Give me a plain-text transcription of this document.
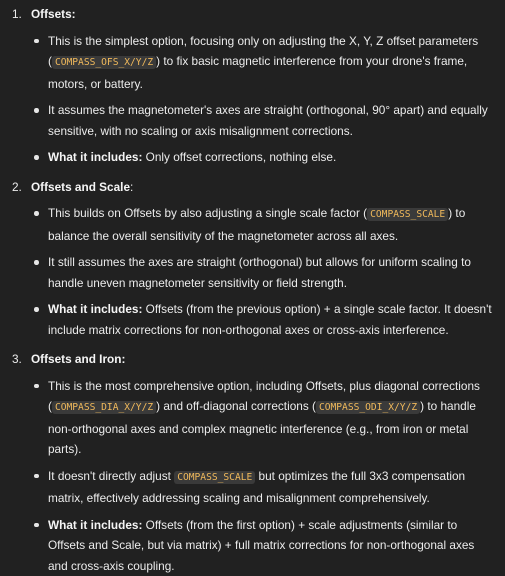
1. Offsets:
This is the simplest option, focusing only on adjusting the X, Y, Z offset parameters ( COMPASS_OFS_X/Y/Z ) to fix basic magnetic interference from your drone's frame, motors, or battery.
It assumes the magnetometer's axes are straight (orthogonal, 90° apart) and equally sensitive, with no scaling or axis misalignment corrections.
What it includes: Only offset corrections, nothing else.
2. Offsets and Scale:
This builds on Offsets by also adjusting a single scale factor ( COMPASS_SCALE ) to balance the overall sensitivity of the magnetometer across all axes.
It still assumes the axes are straight (orthogonal) but allows for uniform scaling to handle uneven magnetometer sensitivity or field strength.
What it includes: Offsets (from the previous option) + a single scale factor. It doesn't include matrix corrections for non-orthogonal axes or cross-axis interference.
3. Offsets and Iron:
This is the most comprehensive option, including Offsets, plus diagonal corrections ( COMPASS_DIA_X/Y/Z ) and off-diagonal corrections ( COMPASS_ODI_X/Y/Z ) to handle non-orthogonal axes and complex magnetic interference (e.g., from iron or metal parts).
It doesn't directly adjust COMPASS_SCALE but optimizes the full 3x3 compensation matrix, effectively addressing scaling and misalignment comprehensively.
What it includes: Offsets (from the first option) + scale adjustments (similar to Offsets and Scale, but via matrix) + full matrix corrections for non-orthogonal axes and cross-axis coupling.
